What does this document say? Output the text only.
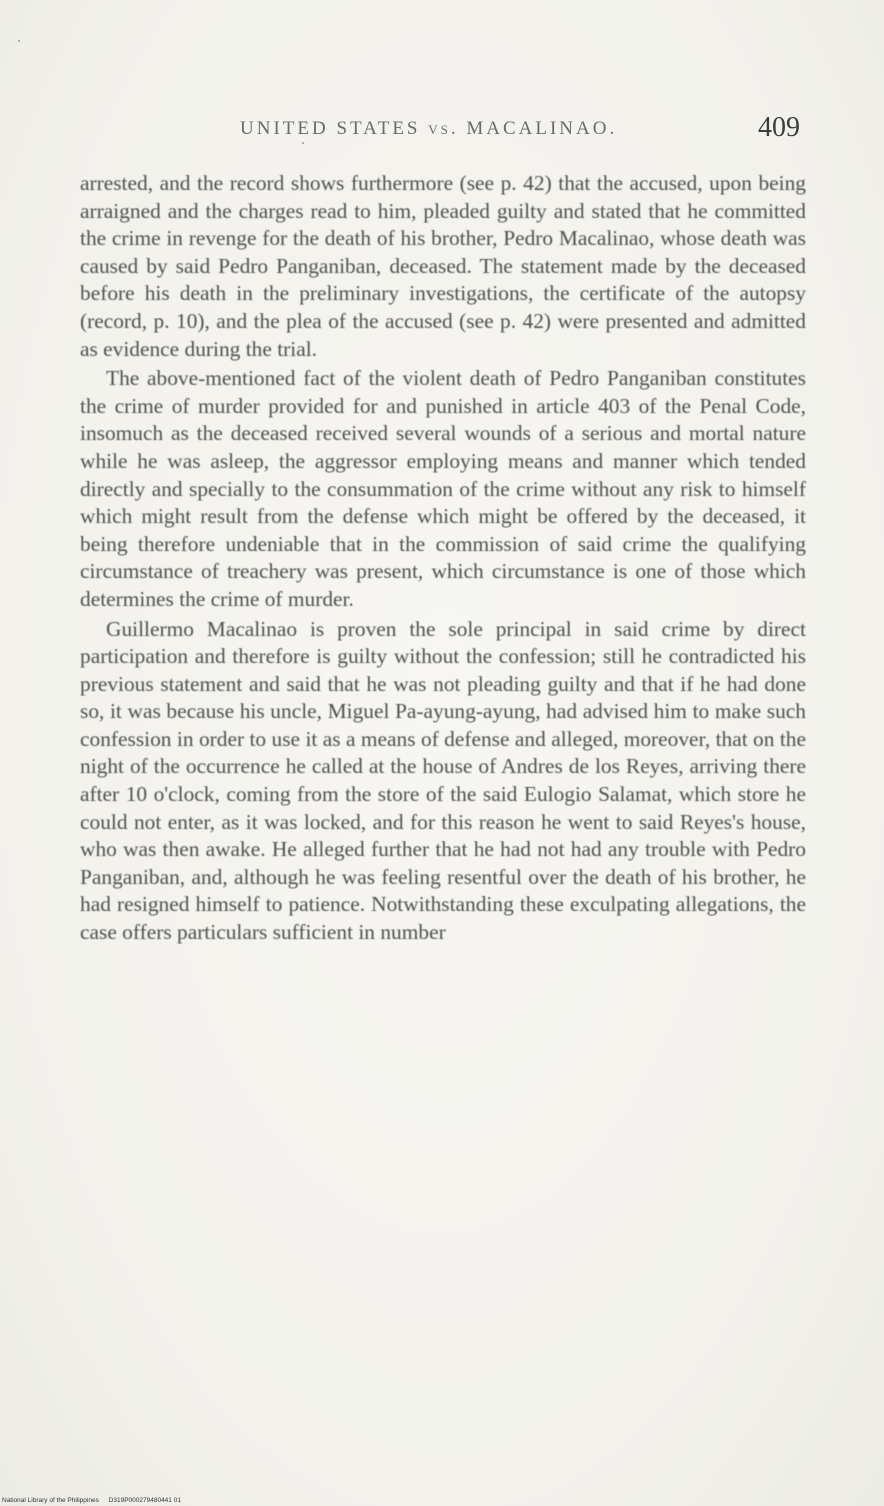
UNITED STATES vs. MACALINAO.	409

arrested, and the record shows furthermore (see p. 42) that the accused, upon being arraigned and the charges read to him, pleaded guilty and stated that he committed the crime in revenge for the death of his brother, Pedro Macalinao, whose death was caused by said Pedro Panganiban, deceased. The statement made by the deceased before his death in the preliminary investigations, the certificate of the autopsy (record, p. 10), and the plea of the accused (see p. 42) were presented and admitted as evidence during the trial.

The above-mentioned fact of the violent death of Pedro Panganiban constitutes the crime of murder provided for and punished in article 403 of the Penal Code, insomuch as the deceased received several wounds of a serious and mortal nature while he was asleep, the aggressor employing means and manner which tended directly and specially to the consummation of the crime without any risk to himself which might result from the defense which might be offered by the deceased, it being therefore undeniable that in the commission of said crime the qualifying circumstance of treachery was present, which circumstance is one of those which determines the crime of murder.

Guillermo Macalinao is proven the sole principal in said crime by direct participation and therefore is guilty without the confession; still he contradicted his previous statement and said that he was not pleading guilty and that if he had done so, it was because his uncle, Miguel Pa-ayung-ayung, had advised him to make such confession in order to use it as a means of defense and alleged, moreover, that on the night of the occurrence he called at the house of Andres de los Reyes, arriving there after 10 o'clock, coming from the store of the said Eulogio Salamat, which store he could not enter, as it was locked, and for this reason he went to said Reyes's house, who was then awake. He alleged further that he had not had any trouble with Pedro Panganiban, and, although he was feeling resentful over the death of his brother, he had resigned himself to patience. Notwithstanding these exculpating allegations, the case offers particulars sufficient in number

National Library of the Philippines D319P000279480441 01
